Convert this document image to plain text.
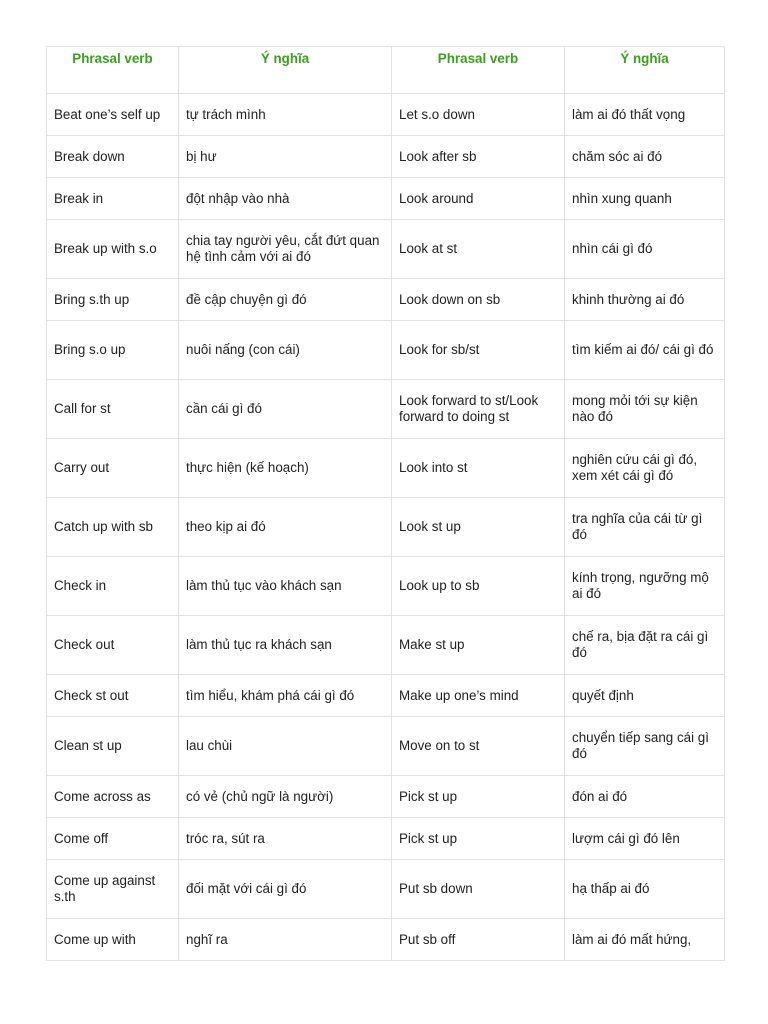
Phrasal verb	Ý nghĩa	Phrasal verb	Ý nghĩa
Beat one’s self up	tự trách mình	Let s.o down	làm ai đó thất vọng
Break down	bị hư	Look after sb	chăm sóc ai đó
Break in	đột nhập vào nhà	Look around	nhìn xung quanh
Break up with s.o	chia tay người yêu, cắt đứt quan hệ tình cảm với ai đó	Look at st	nhìn cái gì đó
Bring s.th up	đề cập chuyện gì đó	Look down on sb	khinh thường ai đó
Bring s.o up	nuôi nấng (con cái)	Look for sb/st	tìm kiếm ai đó/ cái gì đó
Call for st	cần cái gì đó	Look forward to st/Look forward to doing st	mong mỏi tới sự kiện nào đó
Carry out	thực hiện (kế hoạch)	Look into st	nghiên cứu cái gì đó, xem xét cái gì đó
Catch up with sb	theo kịp ai đó	Look st up	tra nghĩa của cái từ gì đó
Check in	làm thủ tục vào khách sạn	Look up to sb	kính trọng, ngưỡng mộ ai đó
Check out	làm thủ tục ra khách sạn	Make st up	chế ra, bịa đặt ra cái gì đó
Check st out	tìm hiểu, khám phá cái gì đó	Make up one’s mind	quyết định
Clean st up	lau chùi	Move on to st	chuyển tiếp sang cái gì đó
Come across as	có vẻ (chủ ngữ là người)	Pick st up	đón ai đó
Come off	tróc ra, sút ra	Pick st up	lượm cái gì đó lên
Come up against s.th	đối mặt với cái gì đó	Put sb down	hạ thấp ai đó
Come up with	nghĩ ra	Put sb off	làm ai đó mất hứng,
